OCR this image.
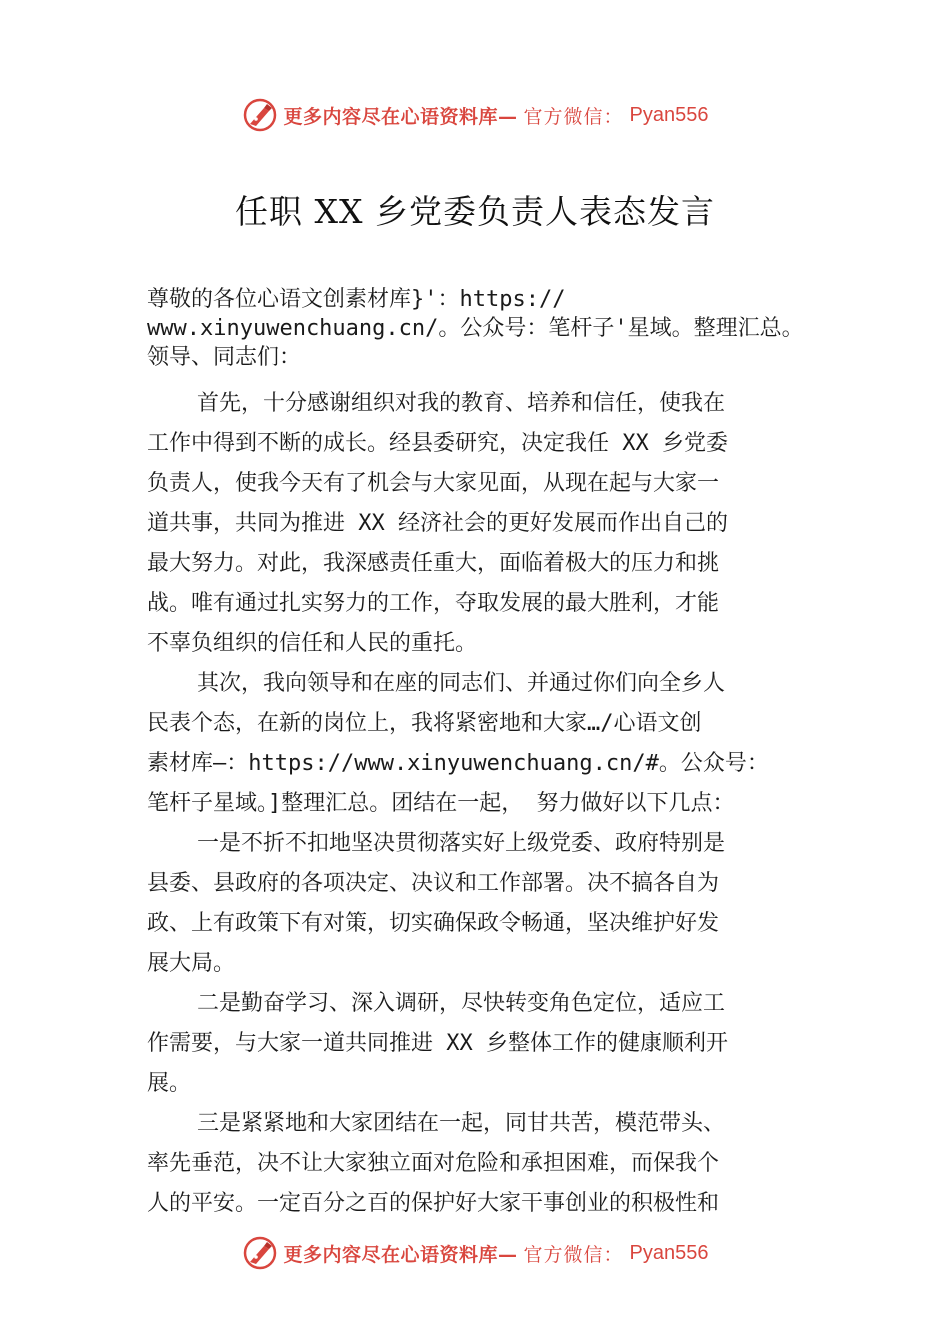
更多内容尽在心语资料库— 官方微信： Pyan556
任职 XX 乡党委负责人表态发言
尊敬的各位心语文创素材库}'：https://
www.xinyuwenchuang.cn/。公众号：笔杆子'星域。整理汇总。
领导、同志们：
首先，十分感谢组织对我的教育、培养和信任，使我在
工作中得到不断的成长。经县委研究，决定我任 XX 乡党委
负责人，使我今天有了机会与大家见面，从现在起与大家一
道共事，共同为推进 XX 经济社会的更好发展而作出自己的
最大努力。对此，我深感责任重大，面临着极大的压力和挑
战。唯有通过扎实努力的工作，夺取发展的最大胜利，才能
不辜负组织的信任和人民的重托。
其次，我向领导和在座的同志们、并通过你们向全乡人
民表个态，在新的岗位上，我将紧密地和大家…/心语文创
素材库—：https://www.xinyuwenchuang.cn/#。公众号：
笔杆子星域。]整理汇总。团结在一起， 努力做好以下几点：
一是不折不扣地坚决贯彻落实好上级党委、政府特别是
县委、县政府的各项决定、决议和工作部署。决不搞各自为
政、上有政策下有对策，切实确保政令畅通，坚决维护好发
展大局。
二是勤奋学习、深入调研，尽快转变角色定位，适应工
作需要，与大家一道共同推进 XX 乡整体工作的健康顺利开
展。
三是紧紧地和大家团结在一起，同甘共苦，模范带头、
率先垂范，决不让大家独立面对危险和承担困难，而保我个
人的平安。一定百分之百的保护好大家干事创业的积极性和
更多内容尽在心语资料库— 官方微信： Pyan556
